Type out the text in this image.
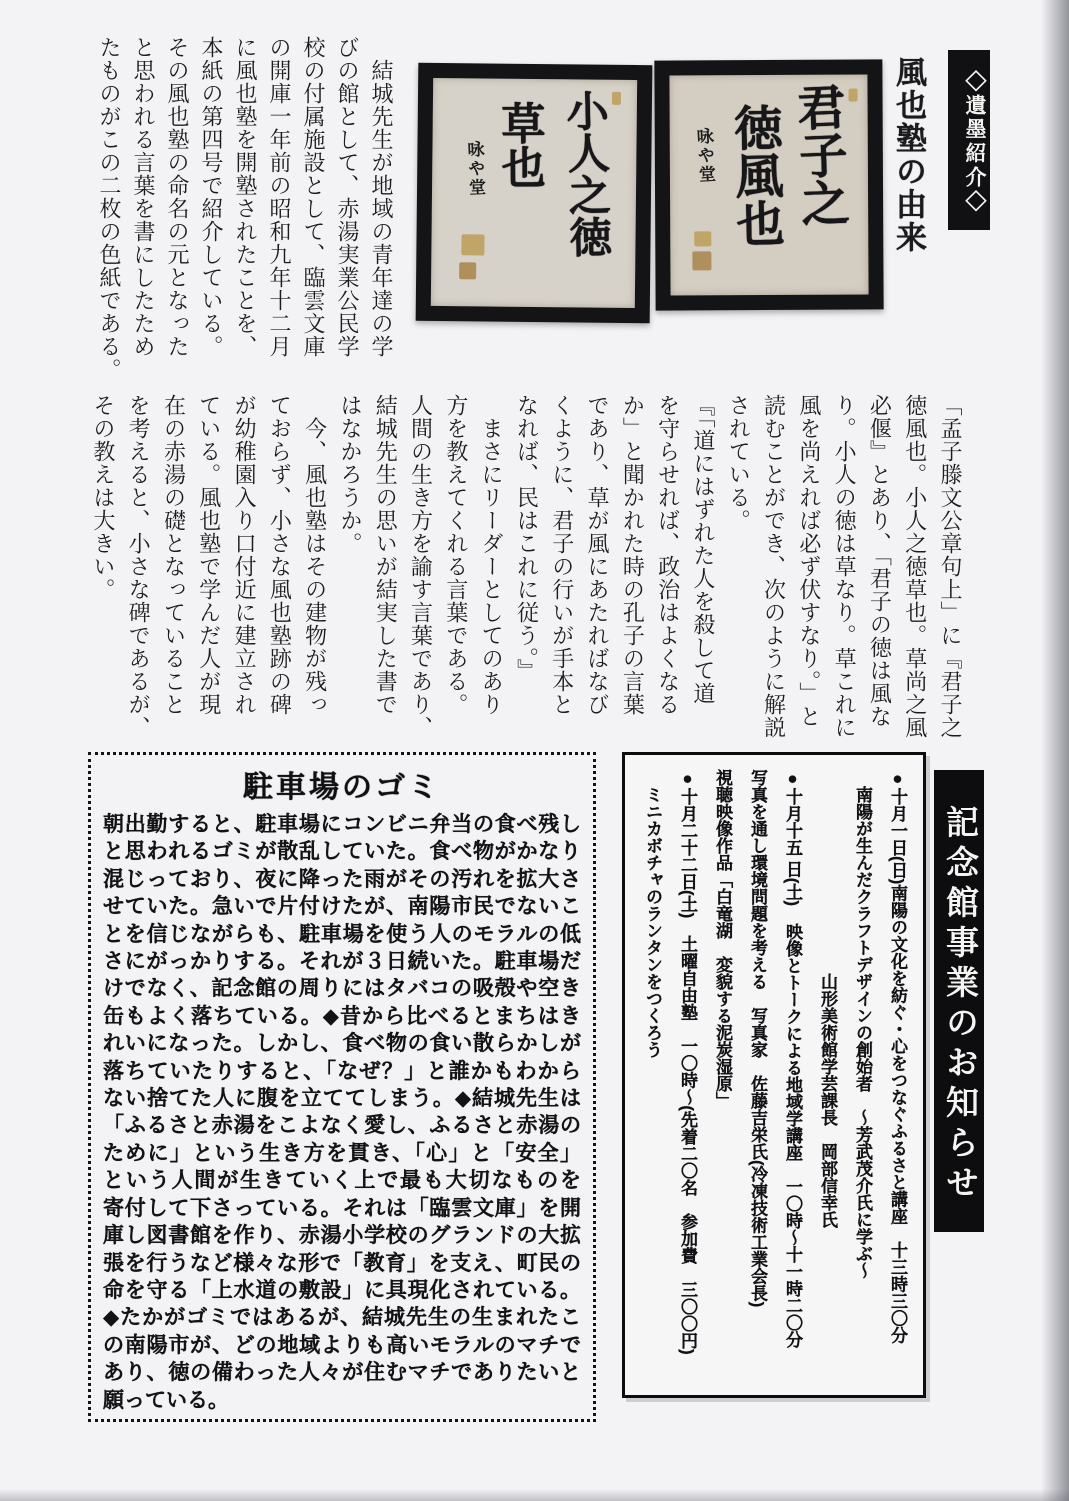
◇遺墨紹介◇
風也塾の由来
君子之
徳風也
咏や堂
小人之徳
草也
咏や堂

　結城先生が地域の青年達の学

びの館として、赤湯実業公民学

校の付属施設として、臨雲文庫

の開庫一年前の昭和九年十二月

に風也塾を開塾されたことを、

本紙の第四号で紹介している。

その風也塾の命名の元となった

と思われる言葉を書にしたため

たものがこの二枚の色紙である。

「孟子滕文公章句上」に『君子之

徳風也。小人之徳草也。草尚之風

必偃』とあり、「君子の徳は風な

り。小人の徳は草なり。草これに

風を尚えれば必ず伏すなり。」と

読むことができ、次のように解説

されている。

『「道にはずれた人を殺して道

を守らせれば、政治はよくなる

か」と聞かれた時の孔子の言葉

であり、草が風にあたればなび

くように、君子の行いが手本と

なれば、民はこれに従う。』

　まさにリーダーとしてのあり

方を教えてくれる言葉である。

人間の生き方を諭す言葉であり、

結城先生の思いが結実した書で

はなかろうか。

　今、風也塾はその建物が残っ

ておらず、小さな風也塾跡の碑

が幼稚園入り口付近に建立され

ている。風也塾で学んだ人が現

在の赤湯の礎となっていること

を考えると、小さな碑であるが、

その教えは大きい。

駐車場のゴミ
朝出勤すると、駐車場にコンビニ弁当の食べ残し
と思われるゴミが散乱していた。食べ物がかなり
混じっており、夜に降った雨がその汚れを拡大さ
せていた。急いで片付けたが、南陽市民でないこ
とを信じながらも、駐車場を使う人のモラルの低
さにがっかりする。それが３日続いた。駐車場だ
けでなく、記念館の周りにはタバコの吸殻や空き
缶もよく落ちている。◆昔から比べるとまちはき
れいになった。しかし、食べ物の食い散らかしが
落ちていたりすると、「なぜ？」と誰かもわから
ない捨てた人に腹を立ててしまう。◆結城先生は
「ふるさと赤湯をこよなく愛し、ふるさと赤湯の
ために」という生き方を貫き、「心」と「安全」
という人間が生きていく上で最も大切なものを
寄付して下さっている。それは「臨雲文庫」を開
庫し図書館を作り、赤湯小学校のグランドの大拡
張を行うなど様々な形で「教育」を支え、町民の
命を守る「上水道の敷設」に具現化されている。
◆たかがゴミではあるが、結城先生の生まれたこ
の南陽市が、どの地域よりも高いモラルのマチで
あり、徳の備わった人々が住むマチでありたいと
願っている。

●十月一日(日)南陽の文化を紡ぐ・心をつなぐふるさと講座　十三時三〇分

　南陽が生んだクラフトデザインの創始者　～芳武茂介氏に学ぶ～

　　　　　　　　　　　　山形美術館学芸課長　岡部信幸氏

●十月十五 日(土)　映像とトークによる地域学講座　一〇時～十一時二〇分

写真を通し環境問題を考える　写真家　佐藤吉栄氏(冷凍技術工業会長)

視聴映像作品「白竜湖　変貌する泥炭湿原」

●十月二十二日(土)　土曜自由塾　一〇時～(先着二〇名　参加費　三〇〇円)

　ミニカボチャのランタンをつくろう	記念館事業のお知らせ
